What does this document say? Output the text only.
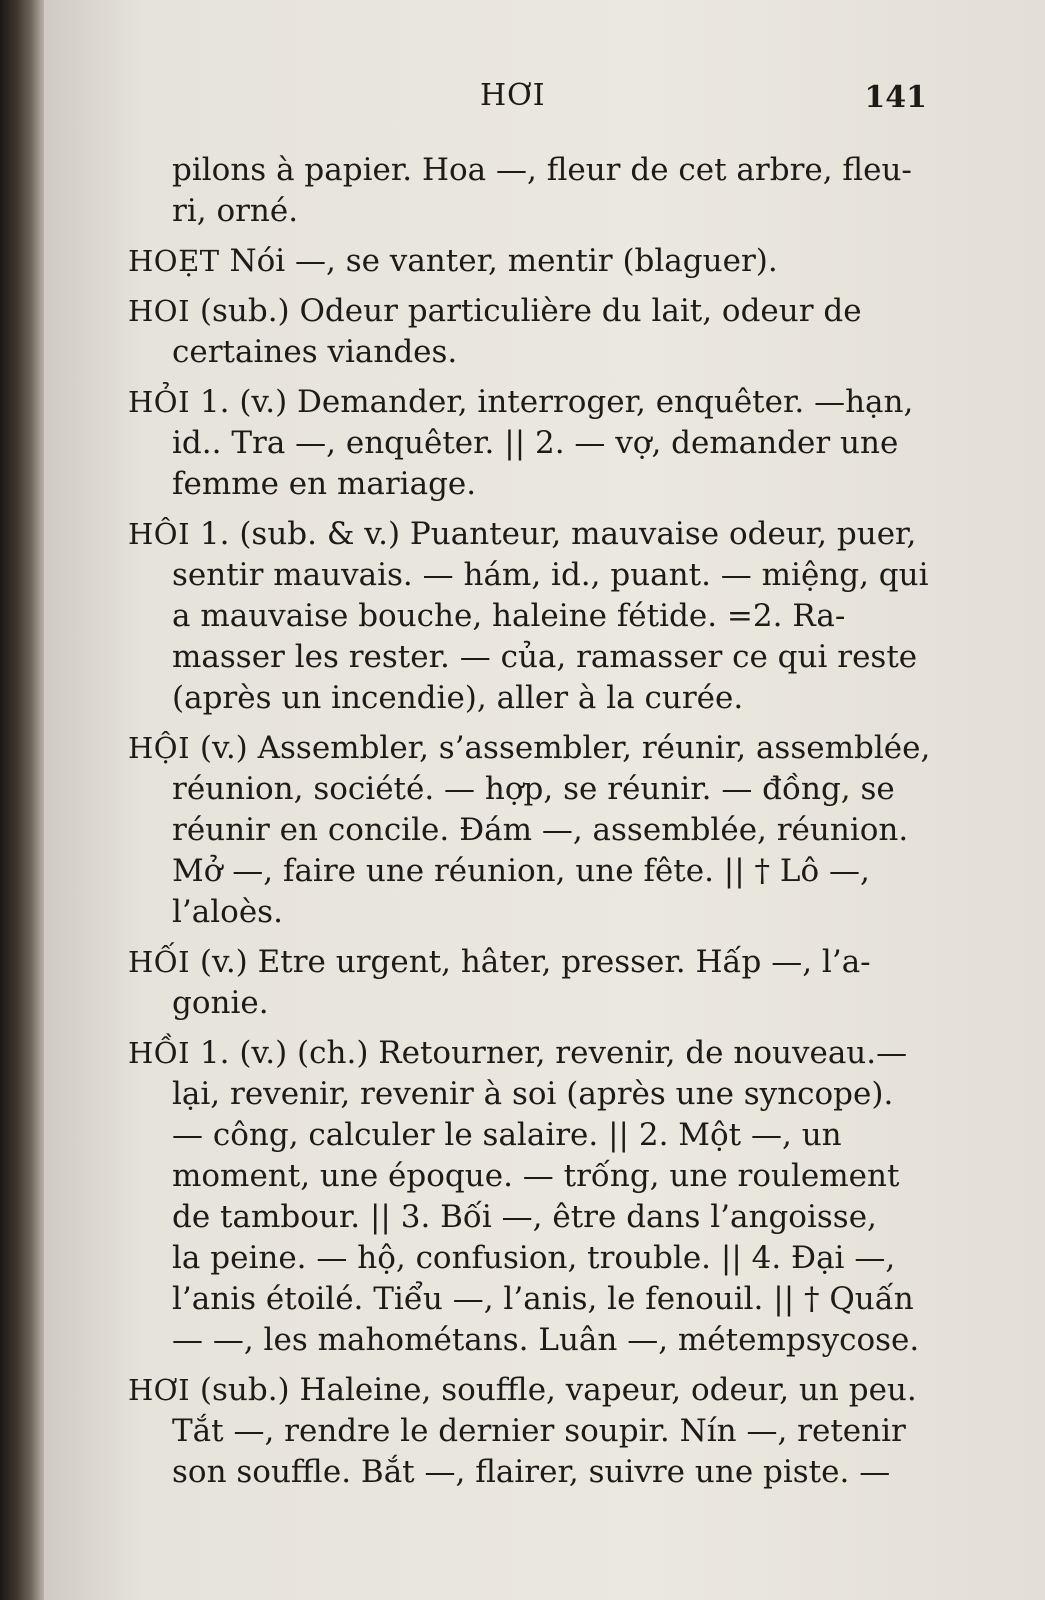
HƠI	141

pilons à papier. Hoa —, fleur de cet arbre, fleu-

ri, orné.

HOẸT Nói —, se vanter, mentir (blaguer).

HOI (sub.) Odeur particulière du lait, odeur de

certaines viandes.

HỎI 1. (v.) Demander, interroger, enquêter. —hạn,

id.. Tra —, enquêter. || 2. — vợ, demander une

femme en mariage.

HÔI 1. (sub. & v.) Puanteur, mauvaise odeur, puer,

sentir mauvais. — hám, id., puant. — miệng, qui

a mauvaise bouche, haleine fétide. =2. Ra-

masser les rester. — của, ramasser ce qui reste

(après un incendie), aller à la curée.

HỘI (v.) Assembler, s’assembler, réunir, assemblée,

réunion, société. — hợp, se réunir. — đồng, se

réunir en concile. Đám —, assemblée, réunion.

Mở —, faire une réunion, une fête. || † Lô —,

l’aloès.

HỐI (v.) Etre urgent, hâter, presser. Hấp —, l’a-

gonie.

HỒI 1. (v.) (ch.) Retourner, revenir, de nouveau.—

lại, revenir, revenir à soi (après une syncope).

— công, calculer le salaire. || 2. Một —, un

moment, une époque. — trống, une roulement

de tambour. || 3. Bối —, être dans l’angoisse,

la peine. — hộ, confusion, trouble. || 4. Đại —,

l’anis étoilé. Tiểu —, l’anis, le fenouil. || † Quấn

— —, les mahométans. Luân —, métempsycose.

HƠI (sub.) Haleine, souffle, vapeur, odeur, un peu.

Tắt —, rendre le dernier soupir. Nín —, retenir

son souffle. Bắt —, flairer, suivre une piste. —
